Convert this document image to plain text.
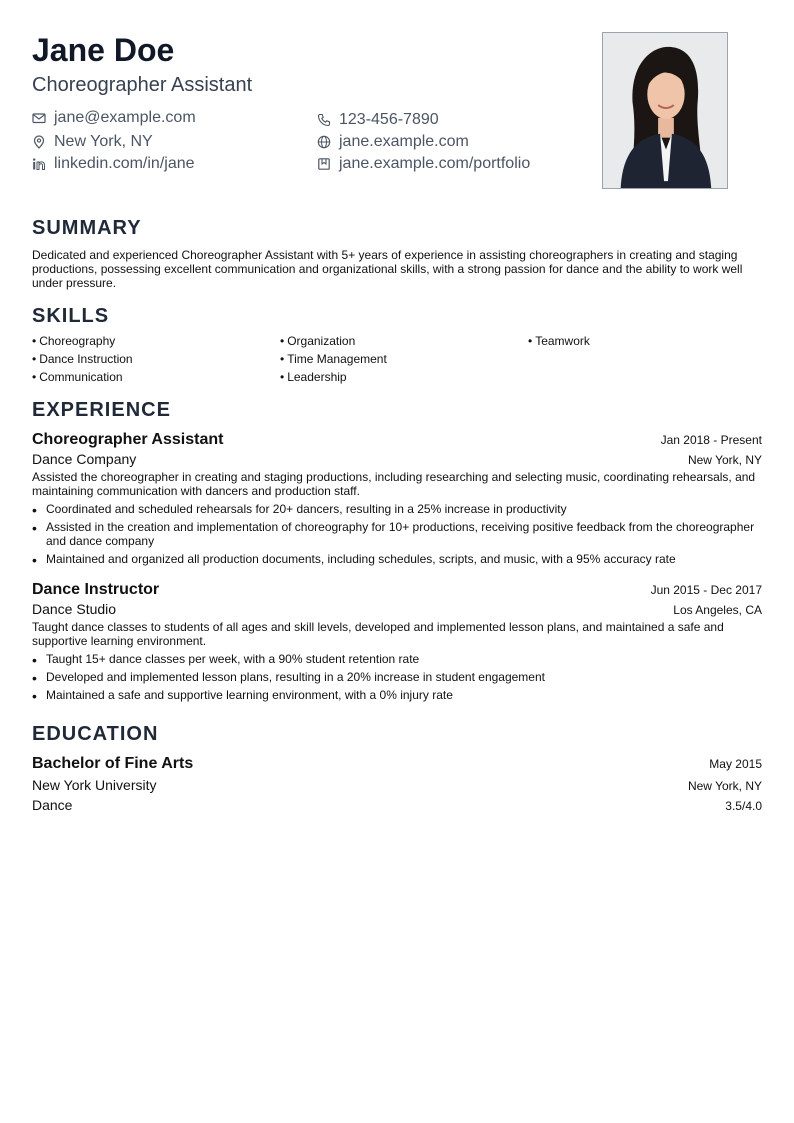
Jane Doe
Choreographer Assistant
jane@example.com	123-456-7890
New York, NY	jane.example.com
linkedin.com/in/jane	jane.example.com/portfolio
SUMMARY
Dedicated and experienced Choreographer Assistant with 5+ years of experience in assisting choreographers in creating and staging productions, possessing excellent communication and organizational skills, with a strong passion for dance and the ability to work well under pressure.
SKILLS
• Choreography	• Organization	• Teamwork
• Dance Instruction	• Time Management
• Communication	• Leadership
EXPERIENCE
Choreographer Assistant	Jan 2018 - Present
Dance Company	New York, NY
Assisted the choreographer in creating and staging productions, including researching and selecting music, coordinating rehearsals, and maintaining communication with dancers and production staff.
• Coordinated and scheduled rehearsals for 20+ dancers, resulting in a 25% increase in productivity
• Assisted in the creation and implementation of choreography for 10+ productions, receiving positive feedback from the choreographer and dance company
• Maintained and organized all production documents, including schedules, scripts, and music, with a 95% accuracy rate
Dance Instructor	Jun 2015 - Dec 2017
Dance Studio	Los Angeles, CA
Taught dance classes to students of all ages and skill levels, developed and implemented lesson plans, and maintained a safe and supportive learning environment.
• Taught 15+ dance classes per week, with a 90% student retention rate
• Developed and implemented lesson plans, resulting in a 20% increase in student engagement
• Maintained a safe and supportive learning environment, with a 0% injury rate
EDUCATION
Bachelor of Fine Arts	May 2015
New York University	New York, NY
Dance	3.5/4.0
